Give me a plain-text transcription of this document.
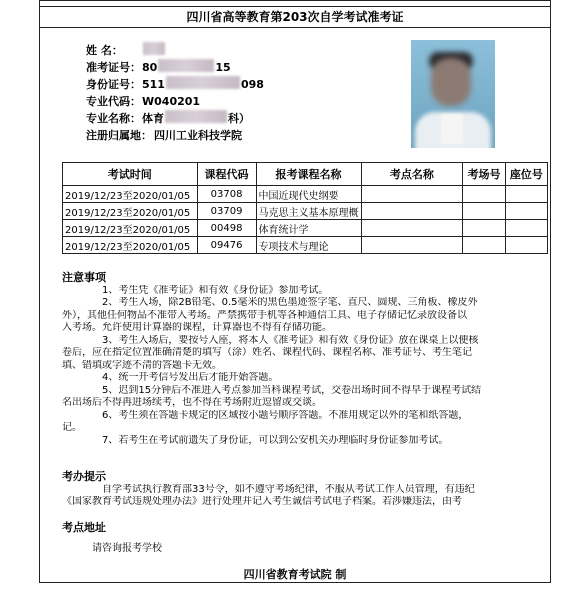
四川省高等教育第203次自学考试准考证
姓 名：
准考证号： 80	15
身份证号： 511	098
专业代码： W040201
专业名称： 体育	科）
注册归属地： 四川工业科技学院
考试时间	课程代码	报考课程名称	考点名称	考场号	座位号
2019/12/23至2020/01/05	03708	中国近现代史纲要			
2019/12/23至2020/01/05	03709	马克思主义基本原理概			
2019/12/23至2020/01/05	00498	体育统计学			
2019/12/23至2020/01/05	09476	专项技术与理论			
注意事项

1、考生凭《准考证》和有效《身份证》参加考试。

2、考生入场，除2B铅笔、0.5毫米的黑色墨迹签字笔、直尺、圆规、三角板、橡皮外

外），其他任何物品不准带入考场。严禁携带手机等各种通信工具、电子存储记忆录放设备以

入考场。允许使用计算器的课程，计算器也不得有存储功能。

3、考生入场后，要按号入座，将本人《准考证》和有效《身份证》放在课桌上以便核

卷后，应在指定位置准确清楚的填写（涂）姓名、课程代码、课程名称、准考证号、考生笔记

填、错填或字迹不清的答题卡无效。

4、统一开考信号发出后才能开始答题。

5、迟到15分钟后不准进入考点参加当科课程考试，交卷出场时间不得早于课程考试结

名出场后不得再进场续考，也不得在考场附近逗留或交谈。

6、考生须在答题卡规定的区域按小题号顺序答题。不准用规定以外的笔和纸答题，

记。

7、若考生在考试前遗失了身份证，可以到公安机关办理临时身份证参加考试。

考办提示

自学考试执行教育部33号令，如不遵守考场纪律，不服从考试工作人员管理，有违纪

《国家教育考试违规处理办法》进行处理并记入考生诚信考试电子档案。若涉嫌违法，由考

考点地址
请咨询报考学校
四川省教育考试院 制
